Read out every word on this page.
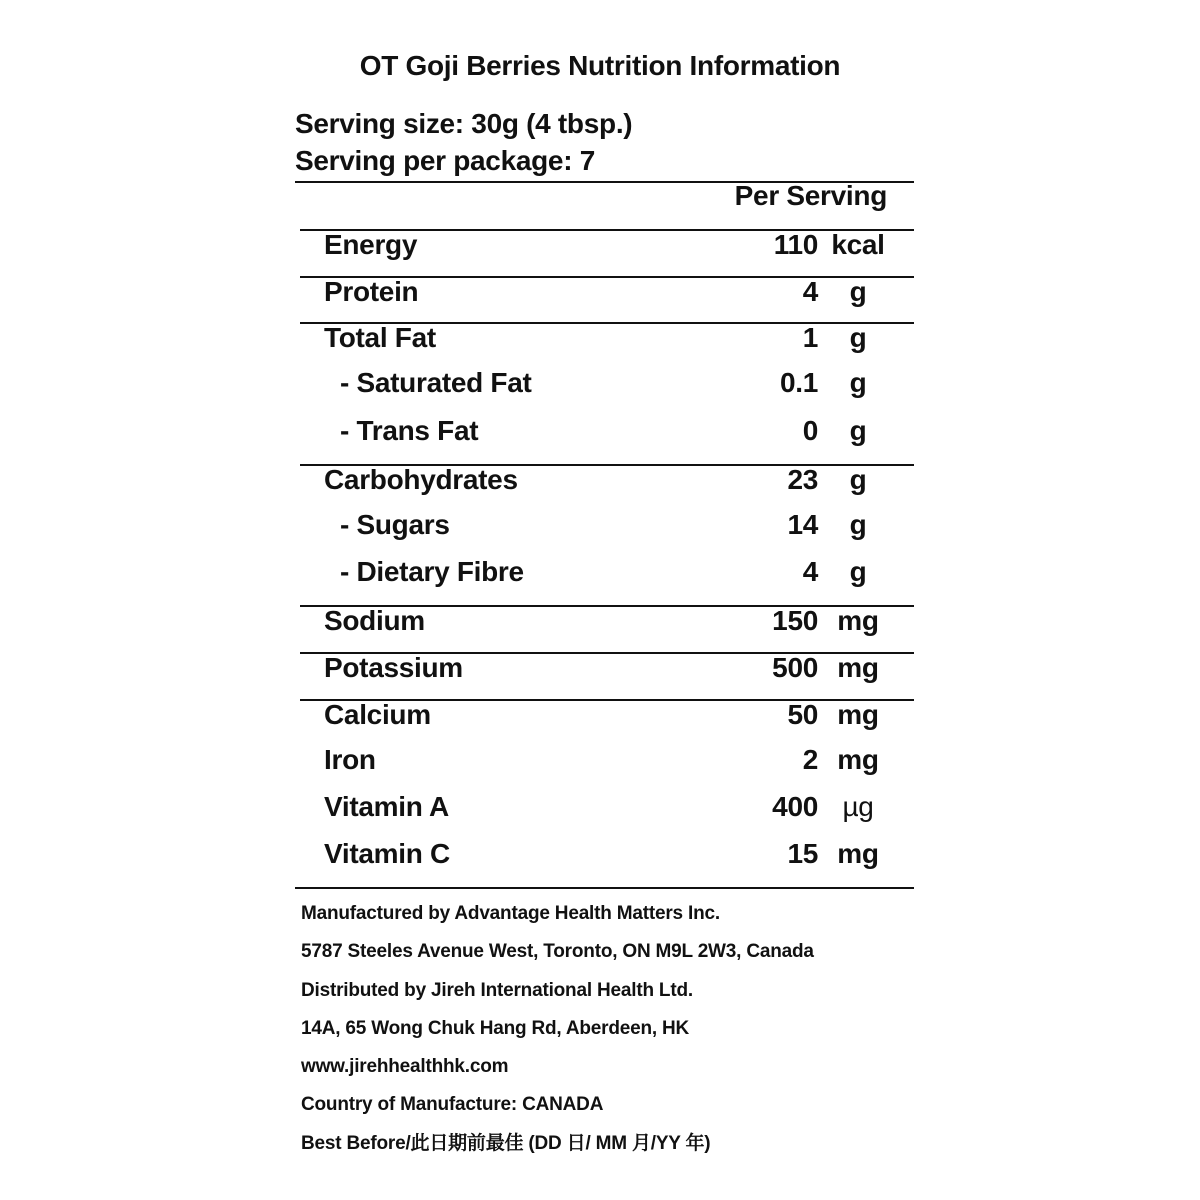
OT Goji Berries Nutrition Information
Serving size: 30g (4 tbsp.)
Serving per package: 7
Per Serving
Energy	110 kcal
Protein	4	g
Total Fat	1	g
- Saturated Fat	0.1	g
- Trans Fat	0	g
Carbohydrates	23	g
- Sugars	14	g
- Dietary Fibre	4	g
Sodium	150 mg
Potassium	500 mg
Calcium	50 mg
Iron	2 mg
Vitamin A	400 µg
Vitamin C	15 mg
Manufactured by Advantage Health Matters Inc.
5787 Steeles Avenue West, Toronto, ON M9L 2W3, Canada
Distributed by Jireh International Health Ltd.
14A, 65 Wong Chuk Hang Rd, Aberdeen, HK
www.jirehhealthhk.com
Country of Manufacture: CANADA
Best Before/此日期前最佳 (DD 日/ MM 月/YY 年)
